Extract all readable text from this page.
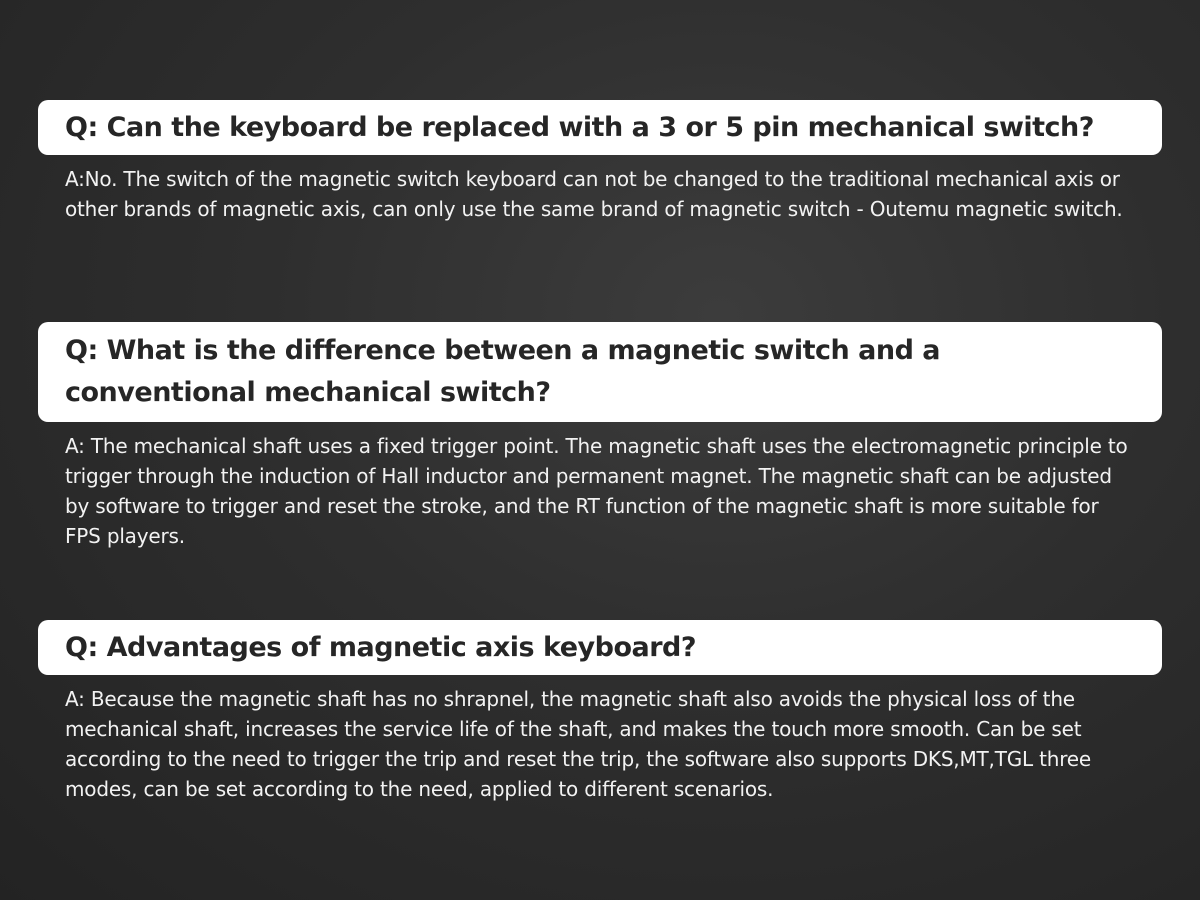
Q: Can the keyboard be replaced with a 3 or 5 pin mechanical switch?
A:No. The switch of the magnetic switch keyboard can not be changed to the traditional mechanical axis or other brands of magnetic axis, can only use the same brand of magnetic switch - Outemu magnetic switch.
Q: What is the difference between a magnetic switch and a conventional mechanical switch?
A: The mechanical shaft uses a fixed trigger point. The magnetic shaft uses the electromagnetic principle to trigger through the induction of Hall inductor and permanent magnet. The magnetic shaft can be adjusted by software to trigger and reset the stroke, and the RT function of the magnetic shaft is more suitable for FPS players.
Q: Advantages of magnetic axis keyboard?
A: Because the magnetic shaft has no shrapnel, the magnetic shaft also avoids the physical loss of the mechanical shaft, increases the service life of the shaft, and makes the touch more smooth. Can be set according to the need to trigger the trip and reset the trip, the software also supports DKS,MT,TGL three modes, can be set according to the need, applied to different scenarios.
